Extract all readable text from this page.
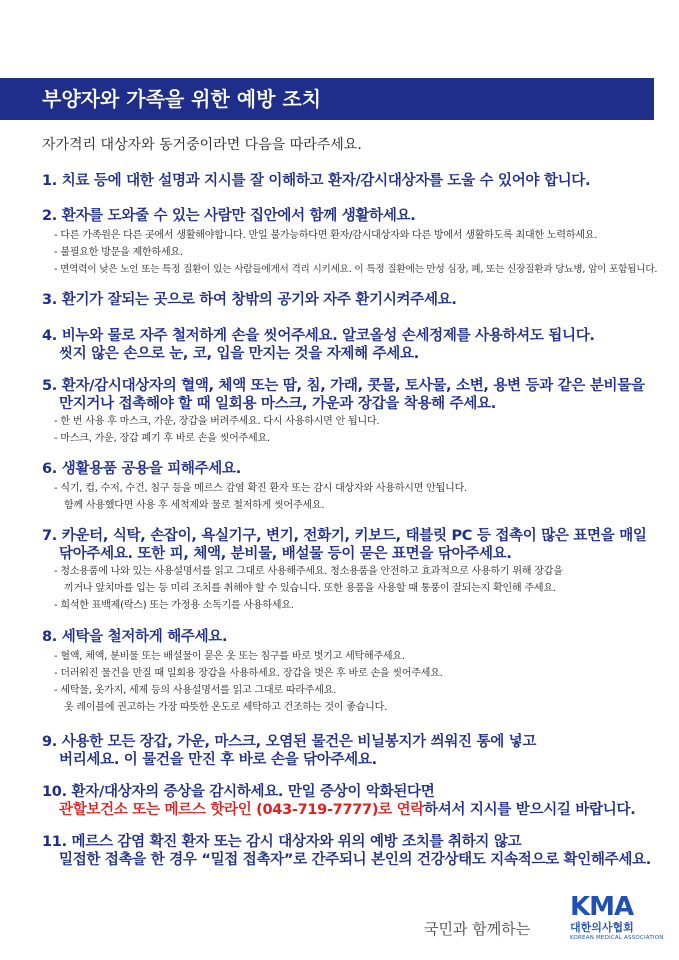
부양자와 가족을 위한 예방 조치
자가격리 대상자와 동거중이라면 다음을 따라주세요.
1. 치료 등에 대한 설명과 지시를 잘 이해하고 환자/감시대상자를 도울 수 있어야 합니다.
2. 환자를 도와줄 수 있는 사람만 집안에서 함께 생활하세요.
- 다른 가족원은 다른 곳에서 생활해야합니다. 만일 불가능하다면 환자/감시대상자와 다른 방에서 생활하도록 최대한 노력하세요.
- 불필요한 방문을 제한하세요.
- 면역력이 낮은 노인 또는 특정 질환이 있는 사람들에게서 격리 시키세요. 이 특정 질환에는 만성 심장, 폐, 또는 신장질환과 당뇨병, 암이 포함됩니다.
3. 환기가 잘되는 곳으로 하여 창밖의 공기와 자주 환기시켜주세요.
4. 비누와 물로 자주 철저하게 손을 씻어주세요. 알코올성 손세정제를 사용하셔도 됩니다.
씻지 않은 손으로 눈, 코, 입을 만지는 것을 자제해 주세요.
5. 환자/감시대상자의 혈액, 체액 또는 땀, 침, 가래, 콧물, 토사물, 소변, 용변 등과 같은 분비물을
만지거나 접촉해야 할 때 일회용 마스크, 가운과 장갑을 착용해 주세요.
- 한 번 사용 후 마스크, 가운, 장갑을 버려주세요. 다시 사용하시면 안 됩니다.
- 마스크, 가운, 장갑 폐기 후 바로 손을 씻어주세요.
6. 생활용품 공용을 피해주세요.
- 식기, 컵, 수저, 수건, 침구 등을 메르스 감염 확진 환자 또는 감시 대상자와 사용하시면 안됩니다.
함께 사용했다면 사용 후 세척제와 물로 철저하게 씻어주세요.
7. 카운터, 식탁, 손잡이, 욕실기구, 변기, 전화기, 키보드, 태블릿 PC 등 접촉이 많은 표면을 매일
닦아주세요. 또한 피, 체액, 분비물, 배설물 등이 묻은 표면을 닦아주세요.
- 청소용품에 나와 있는 사용설명서를 읽고 그대로 사용해주세요. 청소용품을 안전하고 효과적으로 사용하기 위해 장갑을
끼거나 앞치마를 입는 등 미리 조치를 취해야 할 수 있습니다. 또한 용품을 사용할 때 통풍이 잘되는지 확인해 주세요.
- 희석한 표백제(락스) 또는 가정용 소독기를 사용하세요.
8. 세탁을 철저하게 해주세요.
- 혈액, 체액, 분비물 또는 배설물이 묻은 옷 또는 침구를 바로 벗기고 세탁해주세요.
- 더러워진 물건을 만질 때 일회용 장갑을 사용하세요. 장갑을 벗은 후 바로 손을 씻어주세요.
- 세탁물, 옷가지, 세제 등의 사용설명서를 읽고 그대로 따라주세요.
옷 레이블에 권고하는 가장 따뜻한 온도로 세탁하고 건조하는 것이 좋습니다.
9. 사용한 모든 장갑, 가운, 마스크, 오염된 물건은 비닐봉지가 씌워진 통에 넣고
버리세요. 이 물건을 만진 후 바로 손을 닦아주세요.
10. 환자/대상자의 증상을 감시하세요. 만일 증상이 악화된다면
관할보건소 또는 메르스 핫라인 (043-719-7777)로 연락하셔서 지시를 받으시길 바랍니다.
11. 메르스 감염 확진 환자 또는 감시 대상자와 위의 예방 조치를 취하지 않고
밀접한 접촉을 한 경우 “밀접 접촉자”로 간주되니 본인의 건강상태도 지속적으로 확인해주세요.
국민과 함께하는
KMA
대한의사협회
KOREAN MEDICAL ASSOCIATION
